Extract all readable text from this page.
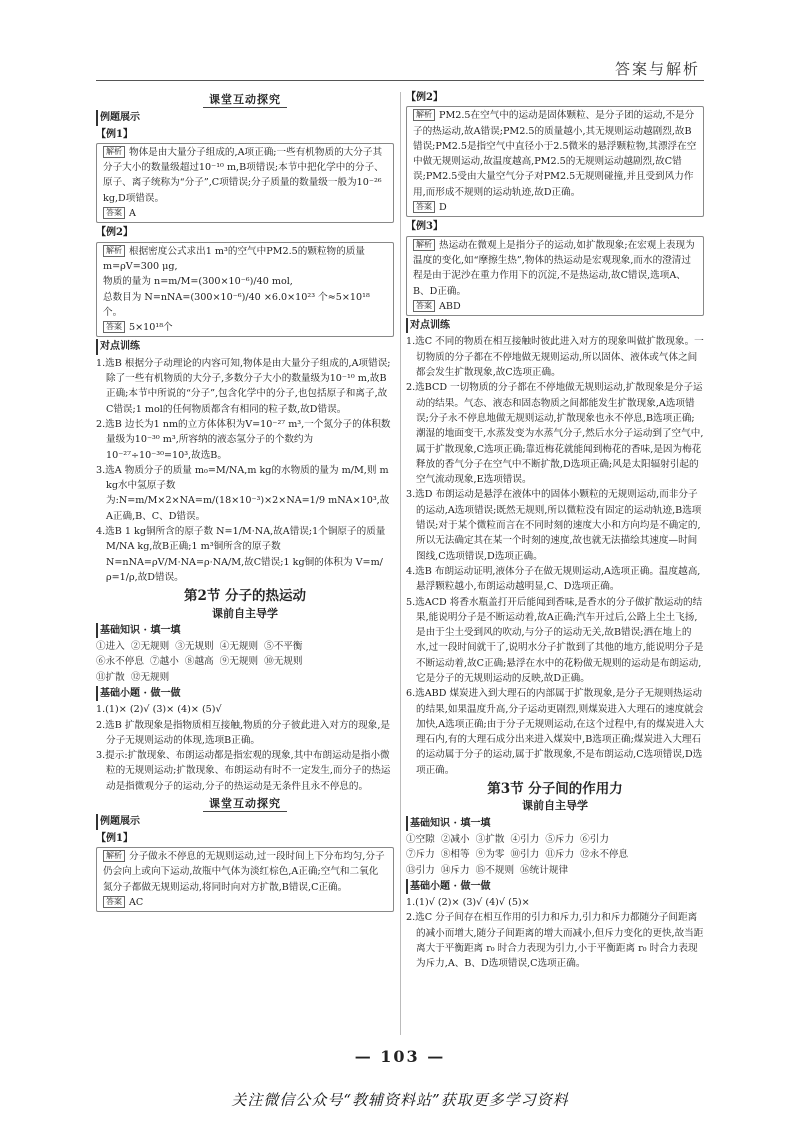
答案与解析
课堂互动探究
例题展示
【例1】

解析 物体是由大量分子组成的,A项正确;一些有机物质的大分子其分子大小的数量级超过10⁻¹⁰ m,B项错误;本节中把化学中的分子、原子、离子统称为“分子”,C项错误;分子质量的数量级一般为10⁻²⁶ kg,D项错误。

答案 A

【例2】

解析 根据密度公式求出1 m³的空气中PM2.5的颗粒物的质量 m=ρV=300 μg,

物质的量为 n=m/M=(300×10⁻⁶)/40 mol,

总数目为 N=nNA=(300×10⁻⁶)/40 ×6.0×10²³ 个≈5×10¹⁸个。

答案 5×10¹⁸个

对点训练

1.选B 根据分子动理论的内容可知,物体是由大量分子组成的,A项错误;除了一些有机物质的大分子,多数分子大小的数量级为10⁻¹⁰ m,故B正确;本节中所说的“分子”,包含化学中的分子,也包括原子和离子,故C错误;1 mol的任何物质都含有相同的粒子数,故D错误。

2.选B 边长为1 nm的立方体体积为V=10⁻²⁷ m³,一个氮分子的体积数量级为10⁻³⁰ m³,所容纳的液态氢分子的个数约为10⁻²⁷÷10⁻³⁰=10³,故选B。

3.选A 物质分子的质量 m₀=M/NA,m kg的水物质的量为 m/M,则 m kg水中氢原子数为:N=m/M×2×NA=m/(18×10⁻³)×2×NA=1/9 mNA×10³,故A正确,B、C、D错误。

4.选B 1 kg铜所含的原子数 N=1/M·NA,故A错误;1个铜原子的质量 M/NA kg,故B正确;1 m³铜所含的原子数 N=nNA=ρV/M·NA=ρ·NA/M,故C错误;1 kg铜的体积为 V=m/ρ=1/ρ,故D错误。

第2节 分子的热运动
课前自主导学
基础知识 · 填一填

①进入 ②无规则 ③无规则 ④无规则 ⑤不平衡

⑥永不停息 ⑦越小 ⑧越高 ⑨无规则 ⑩无规则

⑪扩散 ⑫无规则

基础小题 · 做一做

1.(1)× (2)√ (3)× (4)× (5)√

2.选B 扩散现象是指物质相互接触,物质的分子彼此进入对方的现象,是分子无规则运动的体现,选项B正确。

3.提示:扩散现象、布朗运动都是指宏观的现象,其中布朗运动是指小微粒的无规则运动;扩散现象、布朗运动有时不一定发生,而分子的热运动是指微观分子的运动,分子的热运动是无条件且永不停息的。

课堂互动探究
例题展示
【例1】

解析 分子做永不停息的无规则运动,过一段时间上下分布均匀,分子仍会向上或向下运动,故瓶中气体为淡红棕色,A正确;空气和二氧化氮分子都做无规则运动,将同时向对方扩散,B错误,C正确。

答案 AC

【例2】

解析 PM2.5在空气中的运动是固体颗粒、是分子团的运动,不是分子的热运动,故A错误;PM2.5的质量越小,其无规则运动越剧烈,故B错误;PM2.5是指空气中直径小于2.5微米的悬浮颗粒物,其漂浮在空中做无规则运动,故温度越高,PM2.5的无规则运动越剧烈,故C错误;PM2.5受由大量空气分子对PM2.5无规则碰撞,并且受到风力作用,而形成不规则的运动轨迹,故D正确。

答案 D

【例3】

解析 热运动在微观上是指分子的运动,如扩散现象;在宏观上表现为温度的变化,如“摩擦生热”,物体的热运动是宏观现象,而水的澄清过程是由于泥沙在重力作用下的沉淀,不是热运动,故C错误,选项A、B、D正确。

答案 ABD

对点训练

1.选C 不同的物质在相互接触时彼此进入对方的现象叫做扩散现象。一切物质的分子都在不停地做无规则运动,所以固体、液体或气体之间都会发生扩散现象,故C选项正确。

2.选BCD 一切物质的分子都在不停地做无规则运动,扩散现象是分子运动的结果。气态、液态和固态物质之间都能发生扩散现象,A选项错误;分子永不停息地做无规则运动,扩散现象也永不停息,B选项正确;潮湿的地面变干,水蒸发变为水蒸气分子,然后水分子运动到了空气中,属于扩散现象,C选项正确;靠近梅花就能闻到梅花的香味,是因为梅花释放的香气分子在空气中不断扩散,D选项正确;风是太阳辐射引起的空气流动现象,E选项错误。

3.选D 布朗运动是悬浮在液体中的固体小颗粒的无规则运动,而非分子的运动,A选项错误;既然无规则,所以微粒没有固定的运动轨迹,B选项错误;对于某个微粒而言在不同时刻的速度大小和方向均是不确定的,所以无法确定其在某一个时刻的速度,故也就无法描绘其速度—时间图线,C选项错误,D选项正确。

4.选B 布朗运动证明,液体分子在做无规则运动,A选项正确。温度越高,悬浮颗粒越小,布朗运动越明显,C、D选项正确。

5.选ACD 将香水瓶盖打开后能闻到香味,是香水的分子做扩散运动的结果,能说明分子是不断运动着,故A正确;汽车开过后,公路上尘土飞扬,是由于尘土受到风的吹动,与分子的运动无关,故B错误;洒在地上的水,过一段时间就干了,说明水分子扩散到了其他的地方,能说明分子是不断运动着,故C正确;悬浮在水中的花粉做无规则的运动是布朗运动,它是分子的无规则运动的反映,故D正确。

6.选ABD 煤炭进入到大理石的内部属于扩散现象,是分子无规则热运动的结果,如果温度升高,分子运动更剧烈,则煤炭进入大理石的速度就会加快,A选项正确;由于分子无规则运动,在这个过程中,有的煤炭进入大理石内,有的大理石成分出来进入煤炭中,B选项正确;煤炭进入大理石的运动属于分子的运动,属于扩散现象,不是布朗运动,C选项错误,D选项正确。

第3节 分子间的作用力
课前自主导学
基础知识 · 填一填

①空隙 ②减小 ③扩散 ④引力 ⑤斥力 ⑥引力

⑦斥力 ⑧相等 ⑨为零 ⑩引力 ⑪斥力 ⑫永不停息

⑬引力 ⑭斥力 ⑮不规则 ⑯统计规律

基础小题 · 做一做

1.(1)√ (2)× (3)√ (4)√ (5)×

2.选C 分子间存在相互作用的引力和斥力,引力和斥力都随分子间距离的减小而增大,随分子间距离的增大而减小,但斥力变化的更快,故当距离大于平衡距离 r₀ 时合力表现为引力,小于平衡距离 r₀ 时合力表现为斥力,A、B、D选项错误,C选项正确。

— 103 —
关注微信公众号“教辅资料站”获取更多学习资料
